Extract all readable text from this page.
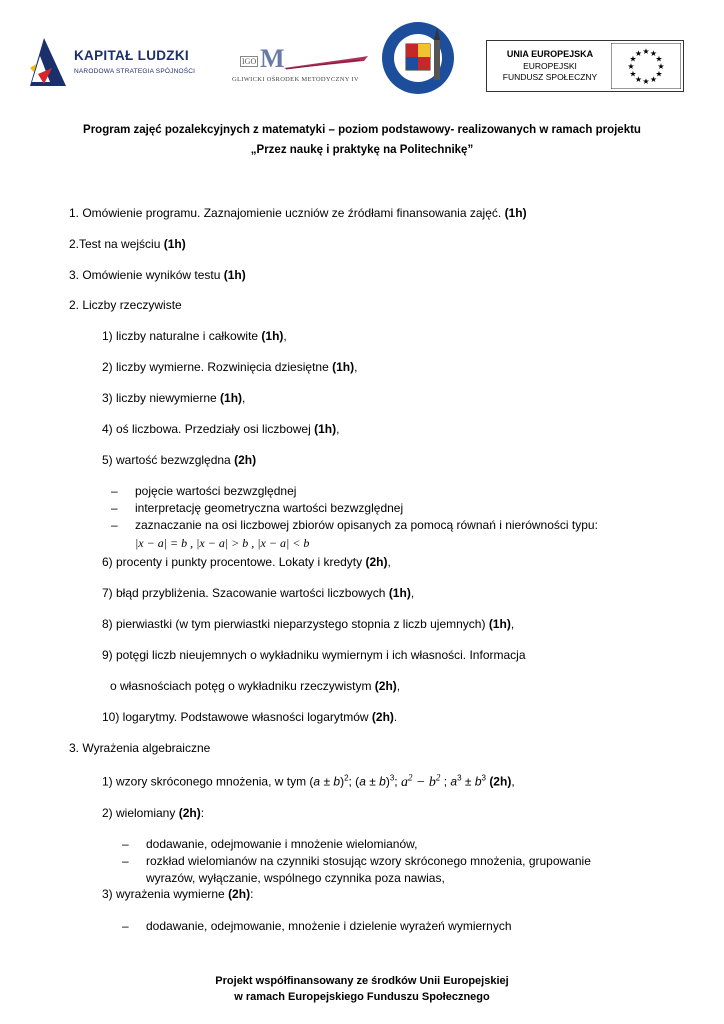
KAPITAŁ LUDZKI
NARODOWA STRATEGIA SPÓJNOŚCI
IGO M
GLIWICKI OŚRODEK METODYCZNY IV
UNIA EUROPEJSKA
EUROPEJSKI
FUNDUSZ SPOŁECZNY
★ ★
★
★
★
★
★
★
★
★
★
★
Program zajęć pozalekcyjnych z matematyki – poziom podstawowy- realizowanych w ramach projektu
„Przez naukę i praktykę na Politechnikę”
1. Omówienie programu. Zaznajomienie uczniów ze źródłami finansowania zajęć. (1h)
2.Test na wejściu (1h)
3. Omówienie wyników testu (1h)
2. Liczby rzeczywiste
1) liczby naturalne i całkowite (1h),
2) liczby wymierne. Rozwinięcia dziesiętne (1h),
3) liczby niewymierne (1h),
4) oś liczbowa. Przedziały osi liczbowej (1h),
5) wartość bezwzględna (2h)
– pojęcie wartości bezwzględnej
– interpretację geometryczna wartości bezwzględnej
– zaznaczanie na osi liczbowej zbiorów opisanych za pomocą równań i nierówności typu:
|x − a| = b , |x − a| > b , |x − a| < b
6) procenty i punkty procentowe. Lokaty i kredyty (2h),
7) błąd przybliżenia. Szacowanie wartości liczbowych (1h),
8) pierwiastki (w tym pierwiastki nieparzystego stopnia z liczb ujemnych) (1h),
9) potęgi liczb nieujemnych o wykładniku wymiernym i ich własności. Informacja
o własnościach potęg o wykładniku rzeczywistym (2h),
10) logarytmy. Podstawowe własności logarytmów (2h).
3. Wyrażenia algebraiczne
1) wzory skróconego mnożenia, w tym $(a \pm b)^2$; $(a \pm b)^3$; $a^2 - b^2$ ; $a^3 \pm b^3$ (2h),
2) wielomiany (2h):
– dodawanie, odejmowanie i mnożenie wielomianów,
– rozkład wielomianów na czynniki stosując wzory skróconego mnożenia, grupowanie
wyrazów, wyłączanie, wspólnego czynnika poza nawias,
3) wyrażenia wymierne (2h):
– dodawanie, odejmowanie, mnożenie i dzielenie wyrażeń wymiernych
Projekt współfinansowany ze środków Unii Europejskiej
w ramach Europejskiego Funduszu Społecznego
